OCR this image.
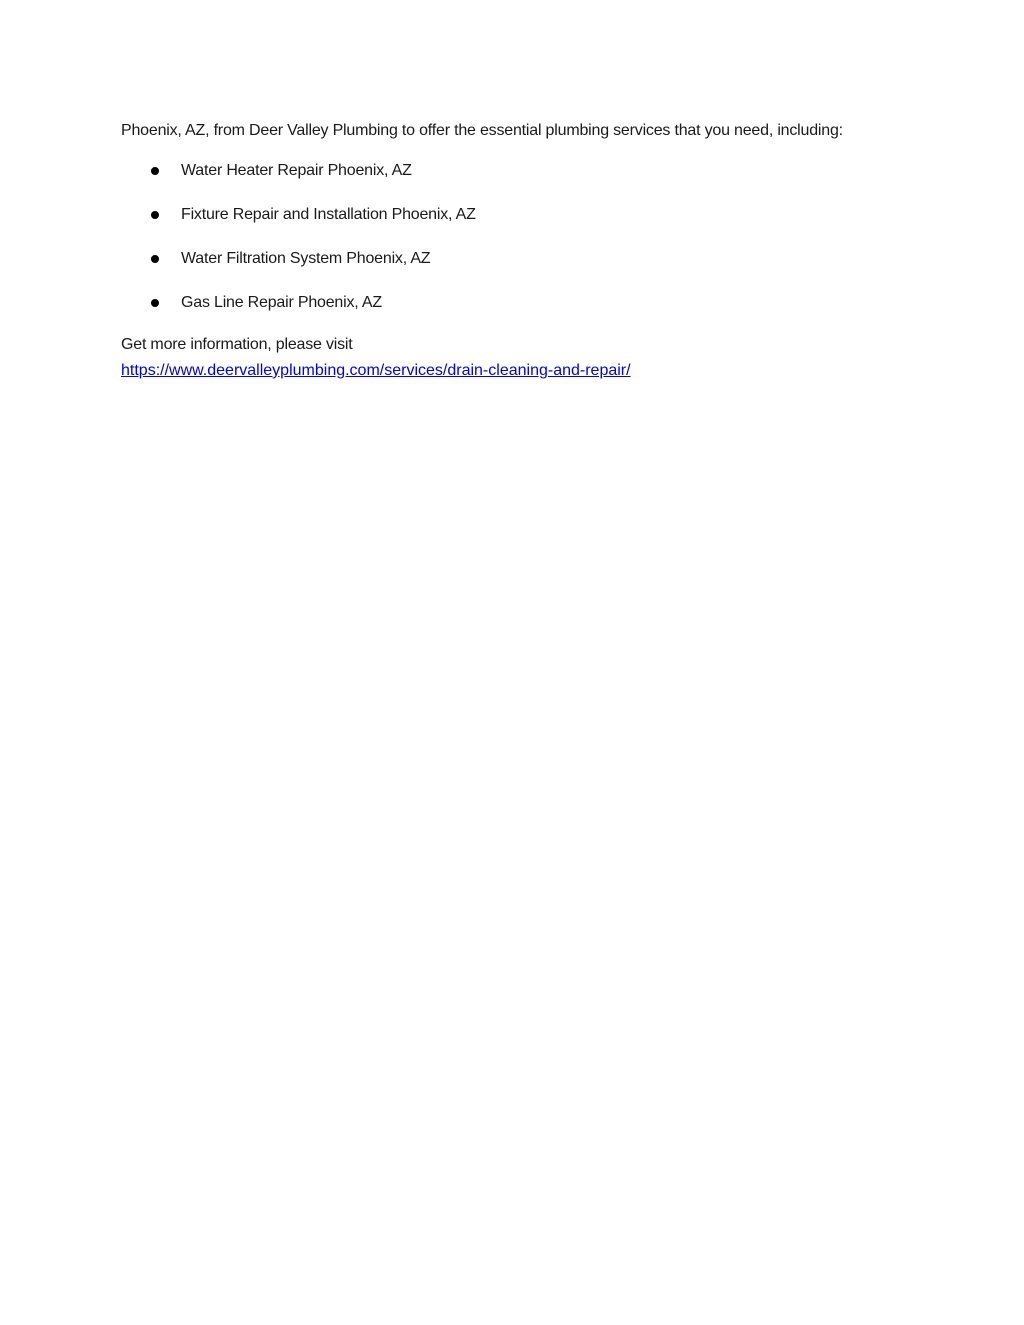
Phoenix, AZ, from Deer Valley Plumbing to offer the essential plumbing services that you need, including:

Water Heater Repair Phoenix, AZ
Fixture Repair and Installation Phoenix, AZ
Water Filtration System Phoenix, AZ
Gas Line Repair Phoenix, AZ

Get more information, please visit
https://www.deervalleyplumbing.com/services/drain-cleaning-and-repair/
